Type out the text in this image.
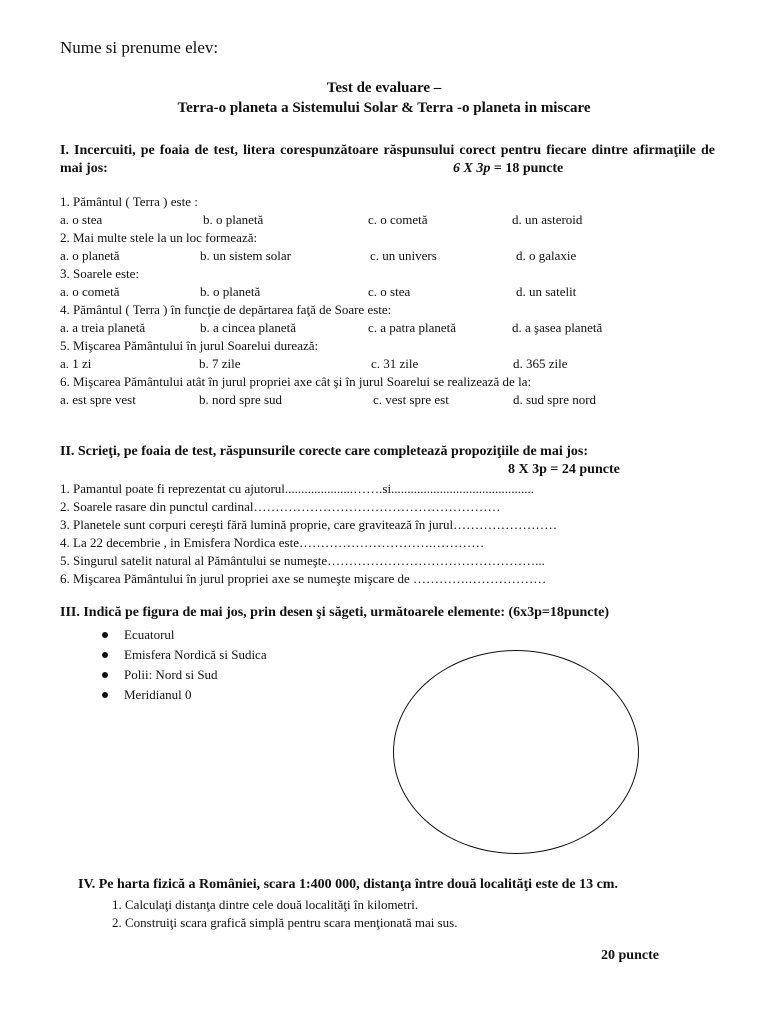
Nume si prenume elev:
Test de evaluare –
Terra-o planeta a Sistemului Solar & Terra -o planeta in miscare
I. Incercuiti, pe foaia de test, litera corespunzătoare răspunsului corect pentru fiecare dintre afirmaţiile de mai jos:	6 X 3p = 18 puncte
1. Pământul ( Terra ) este :
a. o stea	b. o planetă	c. o cometă	d. un asteroid
2. Mai multe stele la un loc formează:
a. o planetă	b. un sistem solar	c. un univers	d. o galaxie
3. Soarele este:
a. o cometă	b. o planetă	c. o stea	d. un satelit
4. Pământul ( Terra ) în funcţie de depărtarea faţă de Soare este:
a. a treia planetă	b. a cincea planetă	c. a patra planetă	d. a şasea planetă
5. Mişcarea Pământului în jurul Soarelui durează:
a. 1 zi	b. 7 zile	c. 31 zile	d. 365 zile
6. Mişcarea Pământului atât în jurul propriei axe cât şi în jurul Soarelui se realizează de la:
a. est spre vest	b. nord spre sud	c. vest spre est	d. sud spre nord
II. Scrieţi, pe foaia de test, răspunsurile corecte care completează propoziţiile de mai jos:
8 X 3p = 24 puncte
1. Pamantul poate fi reprezentat cu ajutorul.....................…….si............................................
2. Soarele rasare din punctul cardinal…………………………………………………
3. Planetele sunt corpuri cereşti fără lumină proprie, care gravitează în jurul……………………
4. La 22 decembrie , in Emisfera Nordica este………………………….…………
5. Singurul satelit natural al Pământului se numeşte…………………………………………...
6. Mişcarea Pământului în jurul propriei axe se numeşte mişcare de ………….………………
III. Indică pe figura de mai jos, prin desen şi săgeti, următoarele elemente: (6x3p=18puncte)
Ecuatorul
Emisfera Nordică si Sudica
Polii: Nord si Sud
Meridianul 0
IV. Pe harta fizică a României, scara 1:400 000, distanţa între două localităţi este de 13 cm.
1. Calculaţi distanţa dintre cele două localităţi în kilometri.
2. Construiţi scara grafică simplă pentru scara menţionată mai sus.
20 puncte
